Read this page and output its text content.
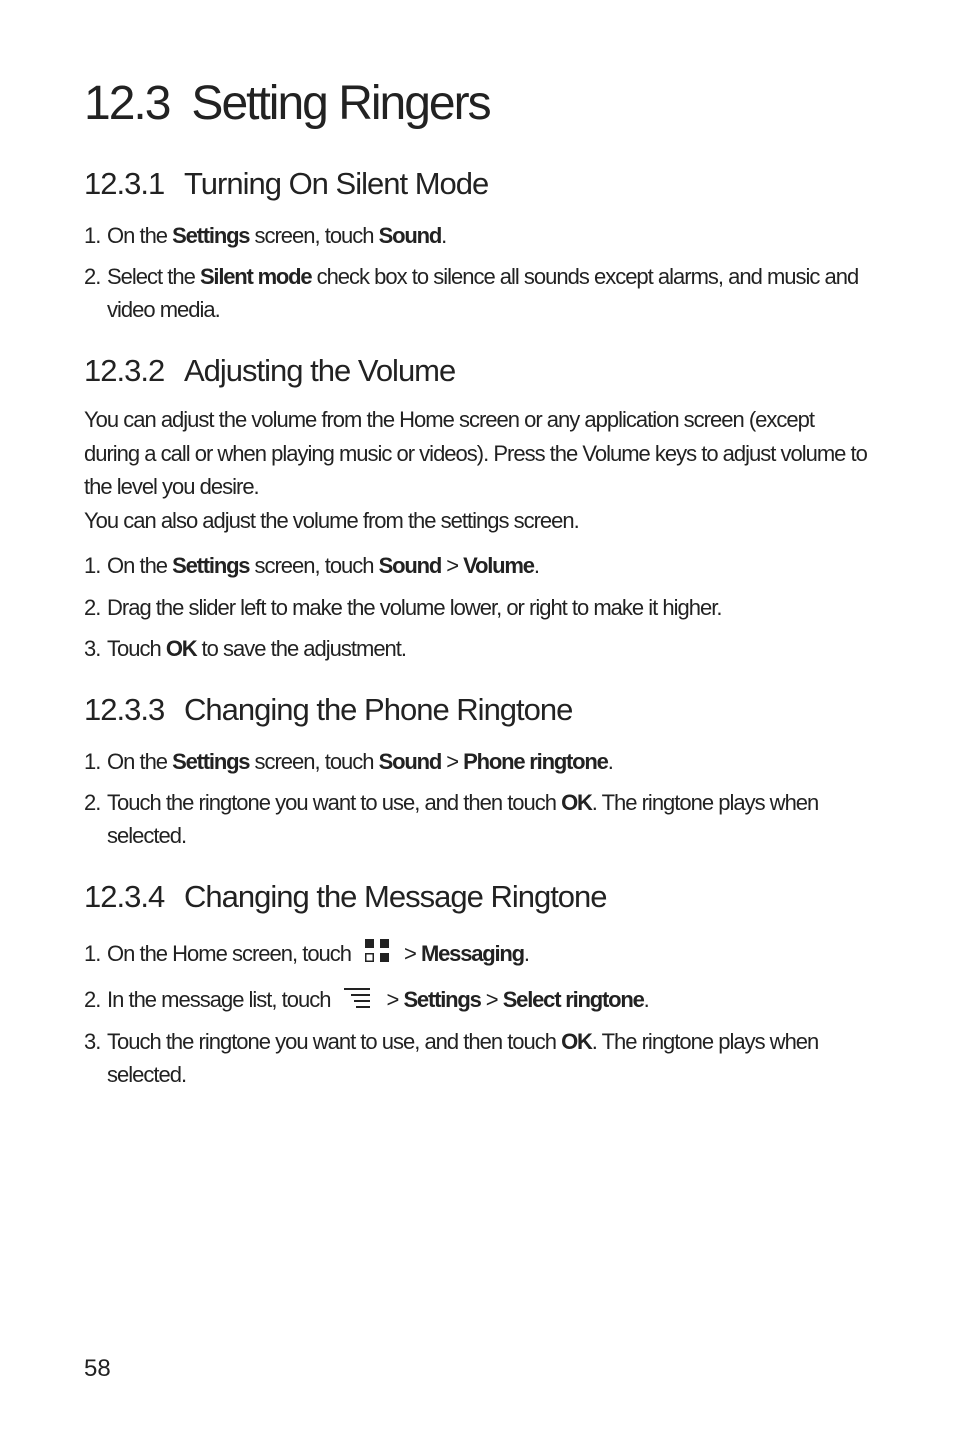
12.3 Setting Ringers
12.3.1 Turning On Silent Mode
1. On the Settings screen, touch Sound.
2. Select the Silent mode check box to silence all sounds except alarms, and music and video media.
12.3.2 Adjusting the Volume
You can adjust the volume from the Home screen or any application screen (except during a call or when playing music or videos). Press the Volume keys to adjust volume to the level you desire.
You can also adjust the volume from the settings screen.
1. On the Settings screen, touch Sound > Volume.
2. Drag the slider left to make the volume lower, or right to make it higher.
3. Touch OK to save the adjustment.
12.3.3 Changing the Phone Ringtone
1. On the Settings screen, touch Sound > Phone ringtone.
2. Touch the ringtone you want to use, and then touch OK. The ringtone plays when selected.
12.3.4 Changing the Message Ringtone
1. On the Home screen, touch > Messaging.
2. In the message list, touch	> Settings > Select ringtone.
3. Touch the ringtone you want to use, and then touch OK. The ringtone plays when selected.
58
